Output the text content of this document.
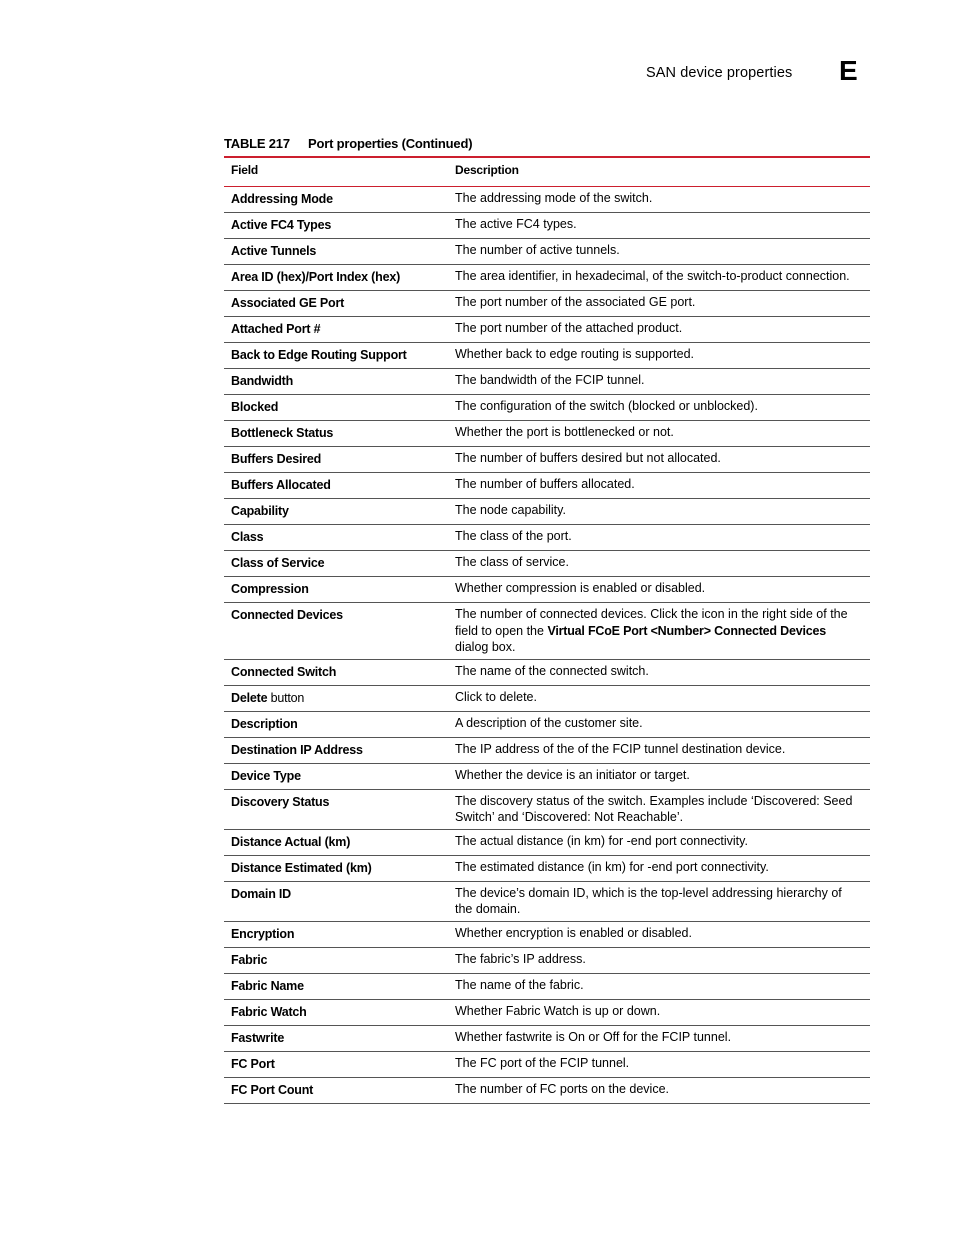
SAN device properties E
TABLE 217 Port properties (Continued)
Field	Description
Addressing Mode	The addressing mode of the switch.
Active FC4 Types	The active FC4 types.
Active Tunnels	The number of active tunnels.
Area ID (hex)/Port Index (hex)	The area identifier, in hexadecimal, of the switch-to-product connection.
Associated GE Port	The port number of the associated GE port.
Attached Port #	The port number of the attached product.
Back to Edge Routing Support	Whether back to edge routing is supported.
Bandwidth	The bandwidth of the FCIP tunnel.
Blocked	The configuration of the switch (blocked or unblocked).
Bottleneck Status	Whether the port is bottlenecked or not.
Buffers Desired	The number of buffers desired but not allocated.
Buffers Allocated	The number of buffers allocated.
Capability	The node capability.
Class	The class of the port.
Class of Service	The class of service.
Compression	Whether compression is enabled or disabled.
Connected Devices	The number of connected devices. Click the icon in the right side of the field to open the Virtual FCoE Port <Number> Connected Devices dialog box.
Connected Switch	The name of the connected switch.
Delete button	Click to delete.
Description	A description of the customer site.
Destination IP Address	The IP address of the of the FCIP tunnel destination device.
Device Type	Whether the device is an initiator or target.
Discovery Status	The discovery status of the switch. Examples include ‘Discovered: Seed Switch’ and ‘Discovered: Not Reachable’.
Distance Actual (km)	The actual distance (in km) for -end port connectivity.
Distance Estimated (km)	The estimated distance (in km) for -end port connectivity.
Domain ID	The device’s domain ID, which is the top-level addressing hierarchy of the domain.
Encryption	Whether encryption is enabled or disabled.
Fabric	The fabric’s IP address.
Fabric Name	The name of the fabric.
Fabric Watch	Whether Fabric Watch is up or down.
Fastwrite	Whether fastwrite is On or Off for the FCIP tunnel.
FC Port	The FC port of the FCIP tunnel.
FC Port Count	The number of FC ports on the device.
